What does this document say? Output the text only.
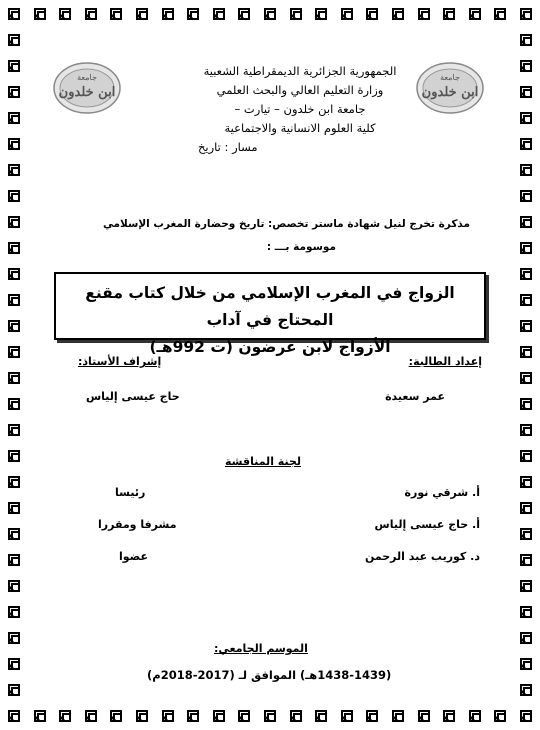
جامعة
ابن خلدون
جامعة
ابن خلدون
الجمهورية الجزائرية الديمقراطية الشعبية
وزارة التعليم العالي والبحث العلمي
جامعة ابن خلدون – تيارت –
كلية العلوم الانسانية والاجتماعية
مسار : تاريخ
مذكرة تخرج لنيل شهادة ماستر تخصص: تاريخ وحضارة المغرب الإسلامي
موسومة بـــ :
الزواج في المغرب الإسلامي من خلال كتاب مقنع المحتاج في آداب
الأزواج لابن عرضون (ت 992هـ)
إعداد الطالبة:
إشراف الأستاذ:
عمر سعيدة
حاج عيسى إلياس
لجنة المناقشة
أ. شرقي نورة
رئيسا
أ. حاج عيسى إلياس
مشرفا ومقررا
د. كوريب عبد الرحمن
عضوا
الموسم الجامعي:
(1438-1439هـ) الموافق لـ (2017-2018م)
